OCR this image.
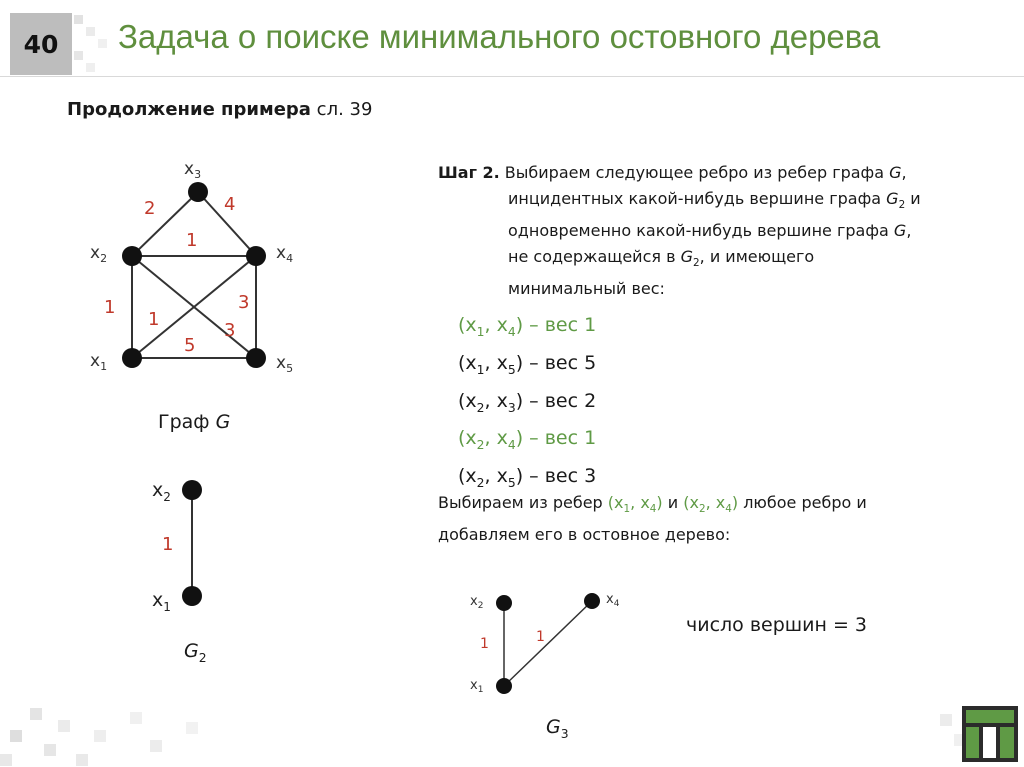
40	Задача о поиске минимального остовного дерева
Продолжение примера сл. 39
$x_3$
$x_2$	$x_4$
$x_1$	$x_5$
2	4
1
1	3
1
3
5
Граф G
$x_2$
$x_1$
1
$G_2$
Шаг 2. Выбираем следующее ребро из ребер графа G,
инцидентных какой-нибудь вершине графа $G_2$ и
одновременно какой-нибудь вершине графа G,
не содержащейся в $G_2$, и имеющего
минимальный вес:
($x_1$, $x_4$) – вес 1
($x_1$, $x_5$) – вес 5
($x_2$, $x_3$) – вес 2
($x_2$, $x_4$) – вес 1
($x_2$, $x_5$) – вес 3
Выбираем из ребер ($x_1$, $x_4$) и ($x_2$, $x_4$) любое ребро и
добавляем его в остовное дерево:
$x_2$	$x_4$
$x_1$
1	1
$G_3$
число вершин = 3
